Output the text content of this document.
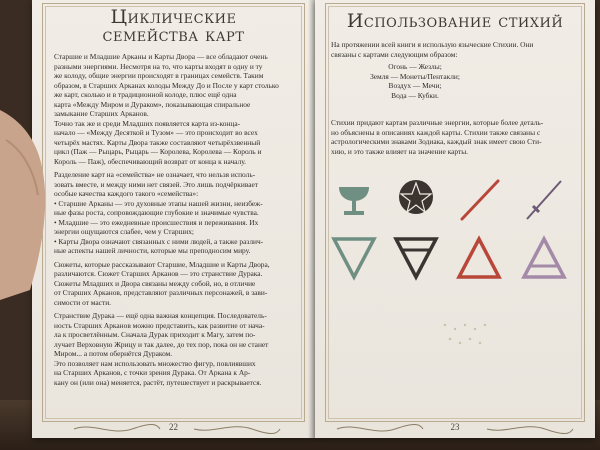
Циклические
семейства карт
Старшие и Младшие Арканы и Карты Двора — все обладают очень
разными энергиями. Несмотря на то, что карты входят в одну и ту
же колоду, общие энергии происходят в границах семейств. Таким
образом, в Старших Арканах колоды Между До и После у карт столько
же карт, сколько и в традиционной колоде, плюс ещё одна
карта «Между Миром и Дураком», показывающая спиральное
замыкание Старших Арканов.
Точно так же и среди Младших появляется карта из-конца-
начало — «Между Десяткой и Тузом» — это происходит во всех
четырёх мастях. Карты Двора также составляют четырёхзвенный
цикл (Паж — Рыцарь, Рыцарь — Королева, Королева — Король и
Король — Паж), обеспечивающий возврат от конца к началу.
Разделение карт на «семейства» не означает, что нельзя исполь-
зовать вместе, и между ними нет связей. Это лишь подчёркивает
особые качества каждого такого «семейства»:
• Старшие Арканы — это духовные этапы нашей жизни, неизбеж-
ные фазы роста, сопровождающие глубокие и значимые чувства.
• Младшие — это ежедневные происшествия и переживания. Их
энергии ощущаются слабее, чем у Старших;
• Карты Двора означают связанных с ними людей, а также различ-
ные аспекты нашей личности, которые мы преподносим миру.
Сюжеты, которые рассказывают Старшие, Младшие и Карты Двора,
различаются. Сюжет Старших Арканов — это странствие Дурака.
Сюжеты Младших и Двора связаны между собой, но, в отличие
от Старших Арканов, представляют различных персонажей, в зави-
симости от масти.
Странствие Дурака — ещё одна важная концепция. Последователь-
ность Старших Арканов можно представить, как развитие от нача-
ла к просветлённым. Сначала Дурак приходит к Магу, затем по-
лучает Верховную Жрицу и так далее, до тех пор, пока он не станет
Миром... а потом обернётся Дураком.
Это позволяет нам использовать множество фигур, повлиявших
на Старших Арканов, с точки зрения Дурака. От Аркана к Ар-
кану он (или она) меняется, растёт, путешествует и раскрывается.
22
Использование стихий
На протяжении всей книги я использую языческие Стихии. Они
связаны с картами следующим образом:
Огонь — Жезлы;
Земля — Монеты/Пентакли;
Воздух — Мечи;
Вода — Кубки.
Стихии придают картам различные энергии, которые более деталь-
но объяснены в описаниях каждой карты. Стихии также связаны с
астрологическими знаками Зодиака, каждый знак имеет свою Сти-
хию, и это также влияет на значение карты.
23
